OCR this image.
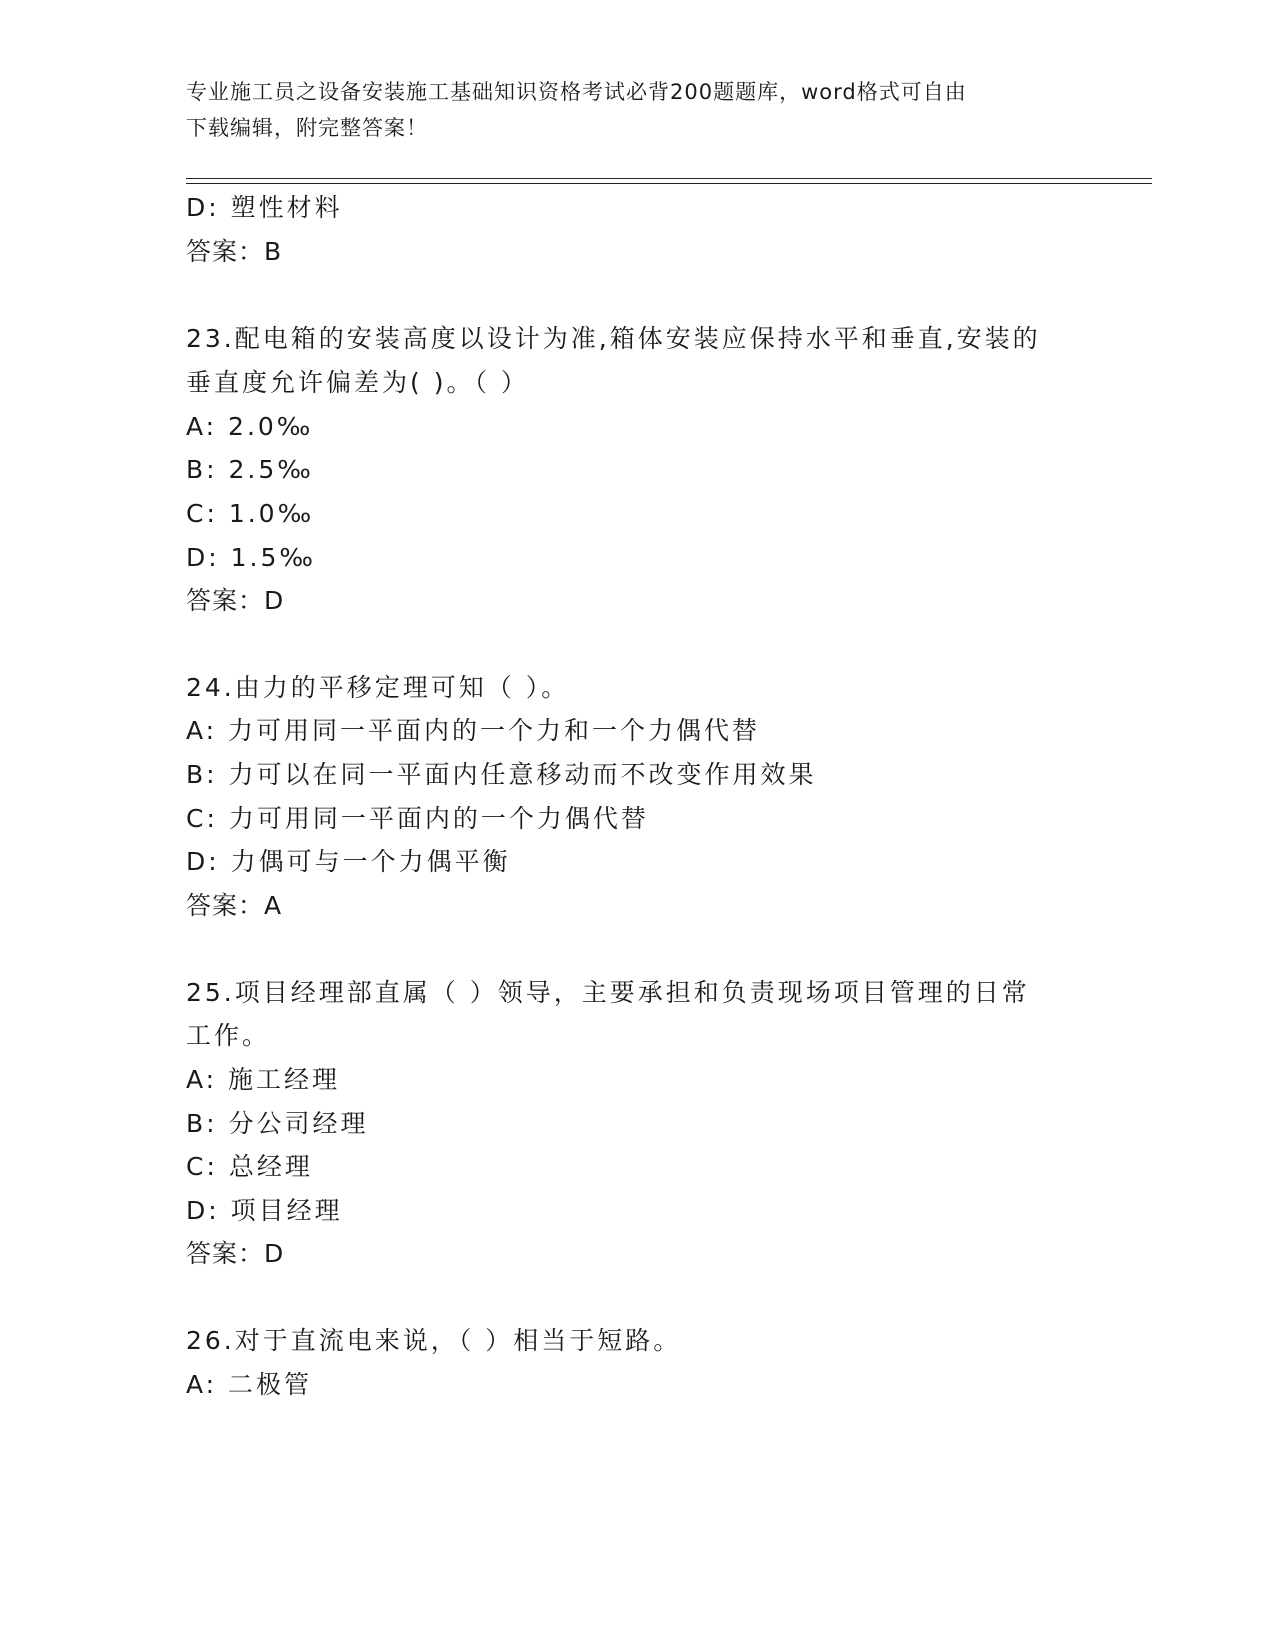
专业施工员之设备安装施工基础知识资格考试必背200题题库，word格式可自由
下载编辑，附完整答案！
D: 塑性材料
答案：B
23.配电箱的安装高度以设计为准,箱体安装应保持水平和垂直,安装的
垂直度允许偏差为( )。（ ）
A: 2.0‰
B: 2.5‰
C: 1.0‰
D: 1.5‰
答案：D
24.由力的平移定理可知（ ）。
A: 力可用同一平面内的一个力和一个力偶代替
B: 力可以在同一平面内任意移动而不改变作用效果
C: 力可用同一平面内的一个力偶代替
D: 力偶可与一个力偶平衡
答案：A
25.项目经理部直属（ ）领导，主要承担和负责现场项目管理的日常
工作。
A: 施工经理
B: 分公司经理
C: 总经理
D: 项目经理
答案：D
26.对于直流电来说，（ ）相当于短路。
A: 二极管
